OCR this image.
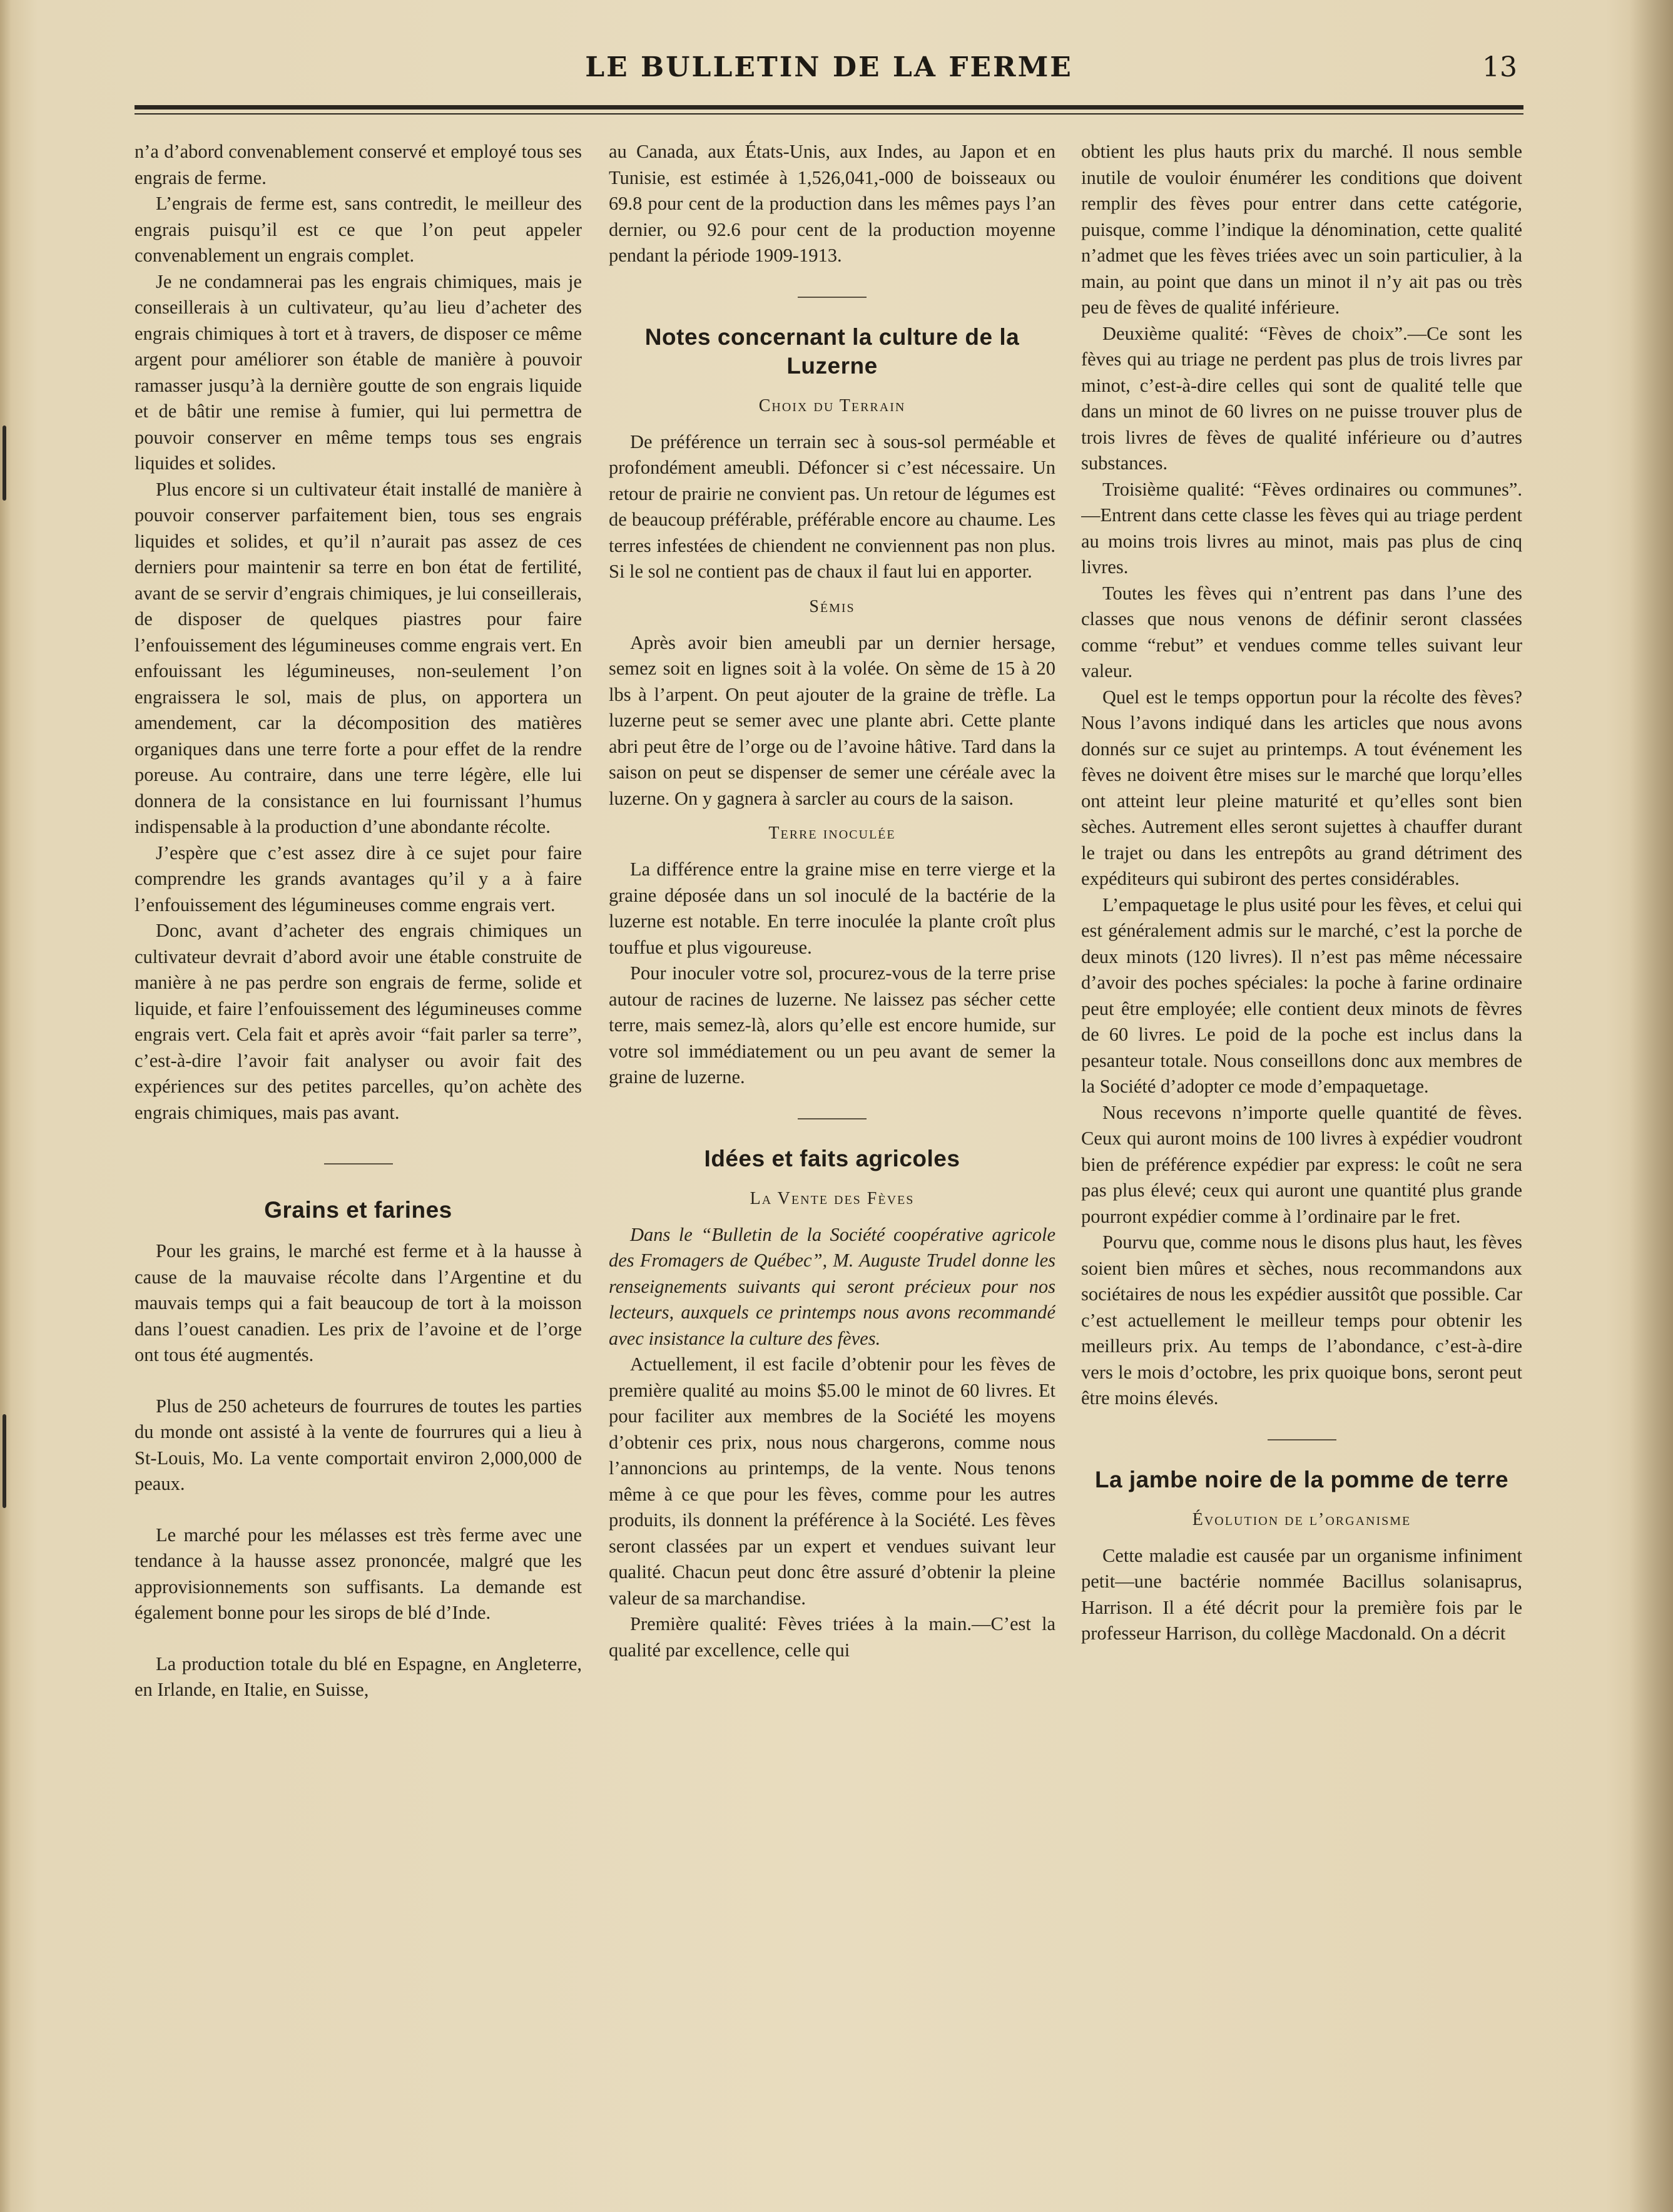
LE BULLETIN DE LA FERME	13

n’a d’abord convenablement conservé et employé tous ses engrais de ferme.

L’engrais de ferme est, sans contredit, le meilleur des engrais puisqu’il est ce que l’on peut appeler convenablement un engrais complet.

Je ne condamnerai pas les engrais chimiques, mais je conseillerais à un cultivateur, qu’au lieu d’acheter des engrais chimiques à tort et à travers, de disposer ce même argent pour améliorer son étable de manière à pouvoir ramasser jusqu’à la dernière goutte de son engrais liquide et de bâtir une remise à fumier, qui lui permettra de pouvoir conserver en même temps tous ses engrais liquides et solides.

Plus encore si un cultivateur était installé de manière à pouvoir conserver parfaitement bien, tous ses engrais liquides et solides, et qu’il n’aurait pas assez de ces derniers pour maintenir sa terre en bon état de fertilité, avant de se servir d’engrais chimiques, je lui conseillerais, de disposer de quelques piastres pour faire l’enfouissement des légumineuses comme engrais vert. En enfouissant les légumineuses, non-seulement l’on engraissera le sol, mais de plus, on apportera un amendement, car la décomposition des matières organiques dans une terre forte a pour effet de la rendre poreuse. Au contraire, dans une terre légère, elle lui donnera de la consistance en lui fournissant l’humus indispensable à la production d’une abondante récolte.

J’espère que c’est assez dire à ce sujet pour faire comprendre les grands avantages qu’il y a à faire l’enfouissement des légumineuses comme engrais vert.

Donc, avant d’acheter des engrais chimiques un cultivateur devrait d’abord avoir une étable construite de manière à ne pas perdre son engrais de ferme, solide et liquide, et faire l’enfouissement des légumineuses comme engrais vert. Cela fait et après avoir “fait parler sa terre”, c’est-à-dire l’avoir fait analyser ou avoir fait des expériences sur des petites parcelles, qu’on achète des engrais chimiques, mais pas avant.

Grains et farines

Pour les grains, le marché est ferme et à la hausse à cause de la mauvaise récolte dans l’Argentine et du mauvais temps qui a fait beaucoup de tort à la moisson dans l’ouest canadien. Les prix de l’avoine et de l’orge ont tous été augmentés.

Plus de 250 acheteurs de fourrures de toutes les parties du monde ont assisté à la vente de fourrures qui a lieu à St-Louis, Mo. La vente comportait environ 2,000,000 de peaux.

Le marché pour les mélasses est très ferme avec une tendance à la hausse assez prononcée, malgré que les approvisionnements son suffisants. La demande est également bonne pour les sirops de blé d’Inde.

La production totale du blé en Espagne, en Angleterre, en Irlande, en Italie, en Suisse,

au Canada, aux États-Unis, aux Indes, au Japon et en Tunisie, est estimée à 1,526,041,-000 de boisseaux ou 69.8 pour cent de la production dans les mêmes pays l’an dernier, ou 92.6 pour cent de la production moyenne pendant la période 1909-1913.

Notes concernant la culture de la Luzerne
Choix du Terrain

De préférence un terrain sec à sous-sol perméable et profondément ameubli. Défoncer si c’est nécessaire. Un retour de prairie ne convient pas. Un retour de légumes est de beaucoup préférable, préférable encore au chaume. Les terres infestées de chiendent ne conviennent pas non plus. Si le sol ne contient pas de chaux il faut lui en apporter.

Sémis

Après avoir bien ameubli par un dernier hersage, semez soit en lignes soit à la volée. On sème de 15 à 20 lbs à l’arpent. On peut ajouter de la graine de trèfle. La luzerne peut se semer avec une plante abri. Cette plante abri peut être de l’orge ou de l’avoine hâtive. Tard dans la saison on peut se dispenser de semer une céréale avec la luzerne. On y gagnera à sarcler au cours de la saison.

Terre inoculée

La différence entre la graine mise en terre vierge et la graine déposée dans un sol inoculé de la bactérie de la luzerne est notable. En terre inoculée la plante croît plus touffue et plus vigoureuse.

Pour inoculer votre sol, procurez-vous de la terre prise autour de racines de luzerne. Ne laissez pas sécher cette terre, mais semez-là, alors qu’elle est encore humide, sur votre sol immédiatement ou un peu avant de semer la graine de luzerne.

Idées et faits agricoles
La Vente des Fèves

Dans le “Bulletin de la Société coopérative agricole des Fromagers de Québec”, M. Auguste Trudel donne les renseignements suivants qui seront précieux pour nos lecteurs, auxquels ce printemps nous avons recommandé avec insistance la culture des fèves.

Actuellement, il est facile d’obtenir pour les fèves de première qualité au moins $5.00 le minot de 60 livres. Et pour faciliter aux membres de la Société les moyens d’obtenir ces prix, nous nous chargerons, comme nous l’annoncions au printemps, de la vente. Nous tenons même à ce que pour les fèves, comme pour les autres produits, ils donnent la préférence à la Société. Les fèves seront classées par un expert et vendues suivant leur qualité. Chacun peut donc être assuré d’obtenir la pleine valeur de sa marchandise.

Première qualité: Fèves triées à la main.—C’est la qualité par excellence, celle qui

obtient les plus hauts prix du marché. Il nous semble inutile de vouloir énumérer les conditions que doivent remplir des fèves pour entrer dans cette catégorie, puisque, comme l’indique la dénomination, cette qualité n’admet que les fèves triées avec un soin particulier, à la main, au point que dans un minot il n’y ait pas ou très peu de fèves de qualité inférieure.

Deuxième qualité: “Fèves de choix”.—Ce sont les fèves qui au triage ne perdent pas plus de trois livres par minot, c’est-à-dire celles qui sont de qualité telle que dans un minot de 60 livres on ne puisse trouver plus de trois livres de fèves de qualité inférieure ou d’autres substances.

Troisième qualité: “Fèves ordinaires ou communes”.—Entrent dans cette classe les fèves qui au triage perdent au moins trois livres au minot, mais pas plus de cinq livres.

Toutes les fèves qui n’entrent pas dans l’une des classes que nous venons de définir seront classées comme “rebut” et vendues comme telles suivant leur valeur.

Quel est le temps opportun pour la récolte des fèves? Nous l’avons indiqué dans les articles que nous avons donnés sur ce sujet au printemps. A tout événement les fèves ne doivent être mises sur le marché que lorqu’elles ont atteint leur pleine maturité et qu’elles sont bien sèches. Autrement elles seront sujettes à chauffer durant le trajet ou dans les entrepôts au grand détriment des expéditeurs qui subiront des pertes considérables.

L’empaquetage le plus usité pour les fèves, et celui qui est généralement admis sur le marché, c’est la porche de deux minots (120 livres). Il n’est pas même nécessaire d’avoir des poches spéciales: la poche à farine ordinaire peut être employée; elle contient deux minots de fèvres de 60 livres. Le poid de la poche est inclus dans la pesanteur totale. Nous conseillons donc aux membres de la Société d’adopter ce mode d’empaquetage.

Nous recevons n’importe quelle quantité de fèves. Ceux qui auront moins de 100 livres à expédier voudront bien de préférence expédier par express: le coût ne sera pas plus élevé; ceux qui auront une quantité plus grande pourront expédier comme à l’ordinaire par le fret.

Pourvu que, comme nous le disons plus haut, les fèves soient bien mûres et sèches, nous recommandons aux sociétaires de nous les expédier aussitôt que possible. Car c’est actuellement le meilleur temps pour obtenir les meilleurs prix. Au temps de l’abondance, c’est-à-dire vers le mois d’octobre, les prix quoique bons, seront peut être moins élevés.

La jambe noire de la pomme de terre
Évolution de l’organisme

Cette maladie est causée par un organisme infiniment petit—une bactérie nommée Bacillus solanisaprus, Harrison. Il a été décrit pour la première fois par le professeur Harrison, du collège Macdonald. On a décrit
